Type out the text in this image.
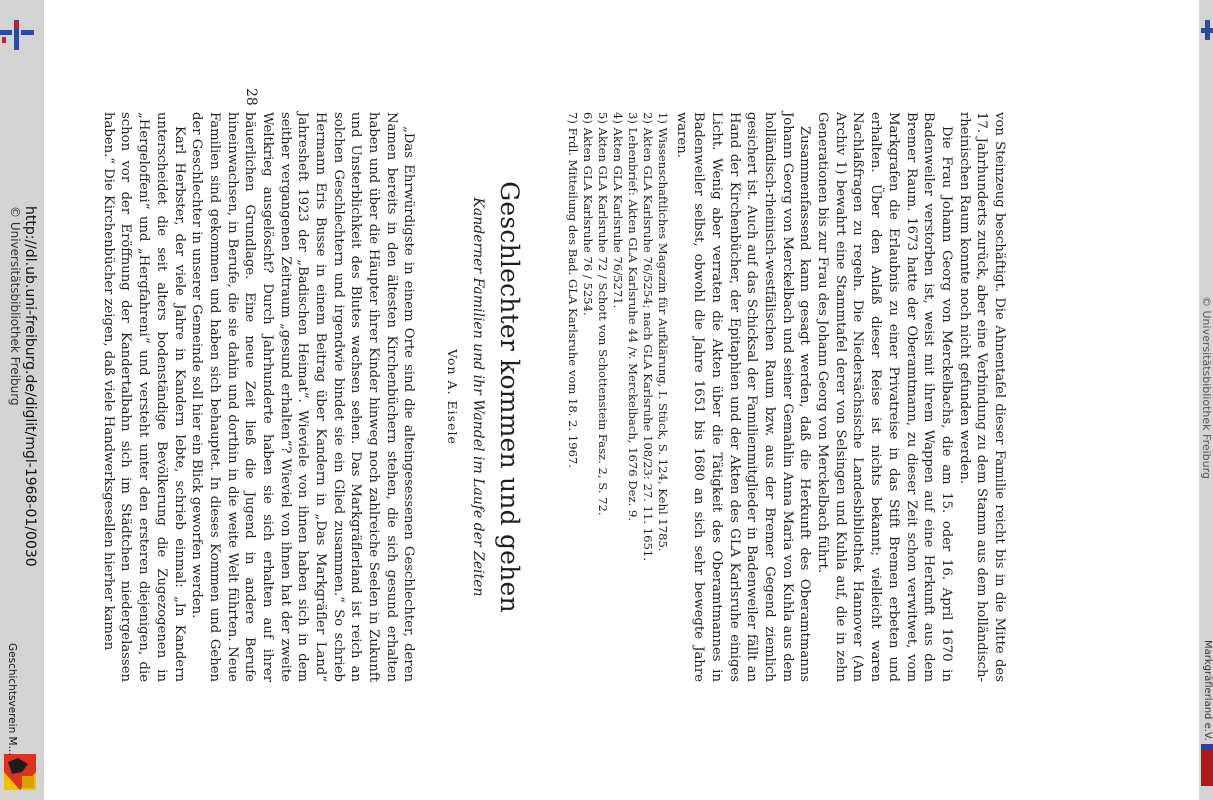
http://dl.ub.uni-freiburg.de/diglit/mgl-1968-01/0030
© Universitätsbibliothek Freiburg
Geschichtsverein M...
© Universitätsbibliothek Freiburg
Markgräflerland e.V.

von Steinzeug beschäftigt. Die Ahnentafel dieser Familie reicht bis in die Mitte des 17. Jahrhunderts zurück, aber eine Verbindung zu dem Stamm aus dem holländisch-rheinischen Raum konnte noch nicht gefunden werden.

Die Frau Johann Georg von Merckelbachs, die am 15. oder 16. April 1670 in Badenweiler verstorben ist, weist mit ihrem Wappen auf eine Herkunft aus dem Bremer Raum. 1673 hatte der Oberamtmann, zu dieser Zeit schon verwitwet, vom Markgrafen die Erlaubnis zu einer Privatreise in das Stift Bremen erbeten und erhalten. Über den Anlaß dieser Reise ist nichts bekannt; vielleicht waren Nachlaßfragen zu regeln. Die Niedersächsische Landesbibliothek Hannover (Am Archiv 1) bewahrt eine Stammtafel derer von Selsingen und Kuhla auf, die in zehn Generationen bis zur Frau des Johann Georg von Merckelbach führt.

Zusammenfassend kann gesagt werden, daß die Herkunft des Oberamtmanns Johann Georg von Merckelbach und seiner Gemahlin Anna Maria von Kuhla aus dem holländisch-rheinisch-westfälischen Raum bzw. aus der Bremer Gegend ziemlich gesichert ist. Auch auf das Schicksal der Familienmitglieder in Badenweiler fällt an Hand der Kirchenbücher, der Epitaphien und der Akten des GLA Karlsruhe einiges Licht. Wenig aber verraten die Akten über die Tätigkeit des Oberamtmannes in Badenweiler selbst, obwohl die Jahre 1651 bis 1680 an sich sehr bewegte Jahre waren.

1) Wissenschaftliches Magazin für Aufklärung, I. Stück, S. 124, Kehl 1785.
2) Akten GLA Karlsruhe 76/5254; nach GLA Karlsruhe 108/23: 27. 11. 1651.
3) Lehenbrief: Akten GLA Karlsruhe 44 /v. Merckelbach, 1676 Dez. 9.
4) Akten GLA Karlsruhe 76/5271.
5) Akten GLA Karlsruhe 72 / Schott von Schottenstein Fasz. 2, S. 72.
6) Akten GLA Karlsruhe 76 / 5254.
7) Frdl. Mitteilung des Bad. GLA Karlsruhe vom 18. 2. 1967.
Geschlechter kommen und gehen
Kanderner Familien und ihr Wandel im Laufe der Zeiten
Von A. Eisele

„Das Ehrwürdigste in einem Orte sind die alteingesessenen Geschlechter, deren Namen bereits in den ältesten Kirchenbüchern stehen, die sich gesund erhalten haben und über die Häupter ihrer Kinder hinweg noch zahlreiche Seelen in Zukunft und Unsterblichkeit des Blutes wachsen sehen. Das Markgräflerland ist reich an solchen Geschlechtern und irgendwie bindet sie ein Glied zusammen.“ So schrieb Hermann Eris Busse in einem Beitrag über Kandern in „Das Markgräfler Land“ Jahresheft 1923 der „Badischen Heimat“. Wieviele von ihnen haben sich in dem seither vergangenen Zeitraum „gesund erhalten“? Wieviel von ihnen hat der zweite Weltkrieg ausgelöscht? Durch Jahrhunderte haben sie sich erhalten auf ihrer bäuerlichen Grundlage. Eine neue Zeit ließ die Jugend in andere Berufe hineinwachsen, in Berufe, die sie dahin und dorthin in die weite Welt führten. Neue Familien sind gekommen und haben sich behauptet. In dieses Kommen und Gehen der Geschlechter in unserer Gemeinde soll hier ein Blick geworfen werden.

Karl Herbster, der viele Jahre in Kandern lebte, schrieb einmal: „In Kandern unterscheidet die seit alters bodenständige Bevölkerung die Zugezogenen in „Hergeloffeni“ und „Hergfahreni“ und versteht unter den ersteren diejenigen, die schon vor der Eröffnung der Kandertalbahn sich im Städtchen niedergelassen haben.“ Die Kirchenbücher zeigen, daß viele Handwerksgesellen hierher kamen

28
